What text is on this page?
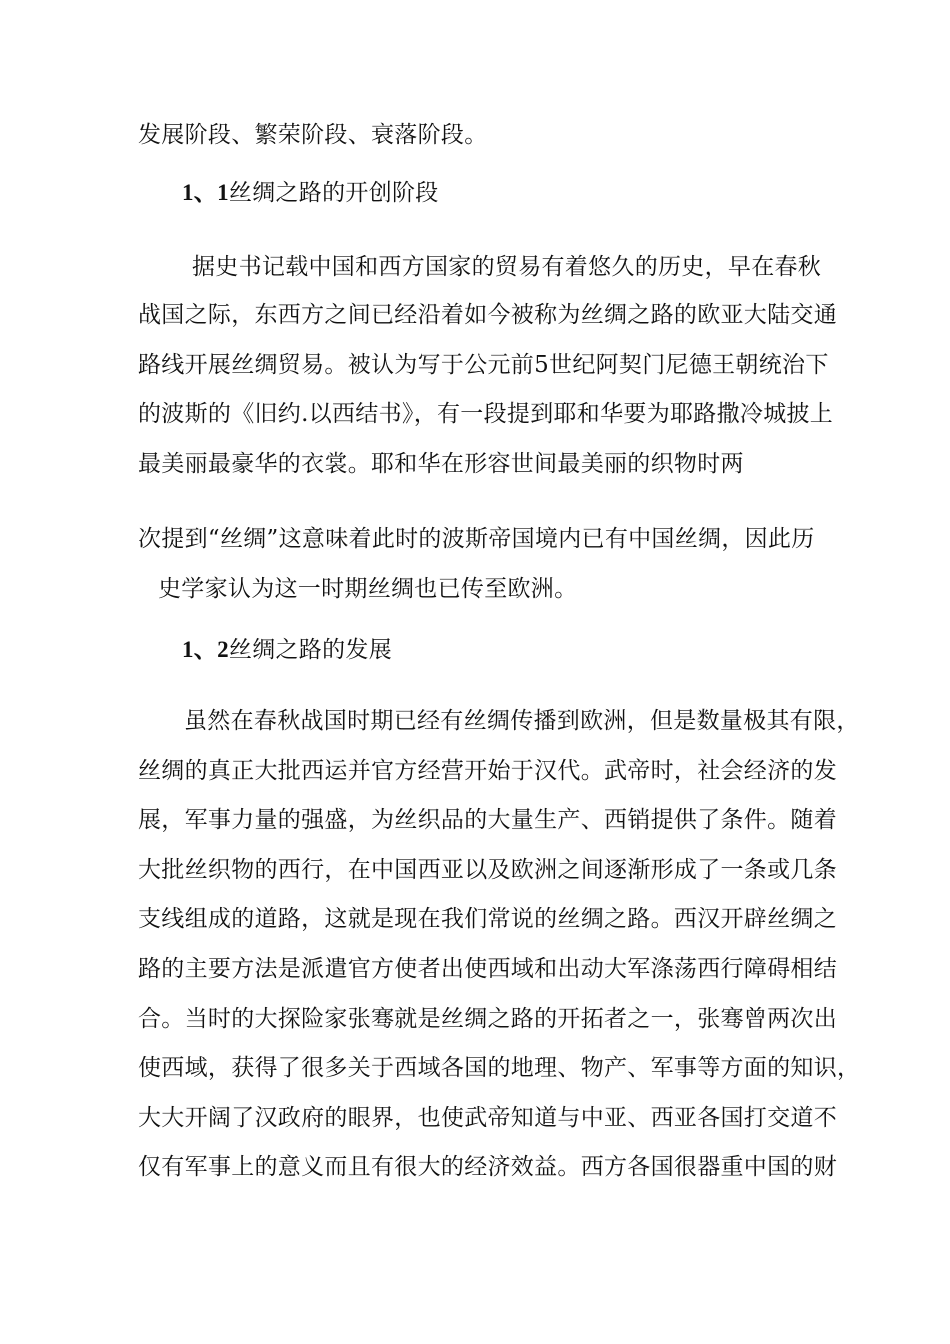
发展阶段、繁荣阶段、衰落阶段。
1、1丝绸之路的开创阶段
据史书记载中国和西方国家的贸易有着悠久的历史，早在春秋
战国之际，东西方之间已经沿着如今被称为丝绸之路的欧亚大陆交通
路线开展丝绸贸易。被认为写于公元前5世纪阿契门尼德王朝统治下
的波斯的《旧约.以西结书》，有一段提到耶和华要为耶路撒冷城披上
最美丽最豪华的衣裳。耶和华在形容世间最美丽的织物时两
次提到“丝绸”这意味着此时的波斯帝国境内已有中国丝绸，因此历
史学家认为这一时期丝绸也已传至欧洲。
1、2丝绸之路的发展
虽然在春秋战国时期已经有丝绸传播到欧洲，但是数量极其有限，
丝绸的真正大批西运并官方经营开始于汉代。武帝时，社会经济的发
展，军事力量的强盛，为丝织品的大量生产、西销提供了条件。随着
大批丝织物的西行，在中国西亚以及欧洲之间逐渐形成了一条或几条
支线组成的道路，这就是现在我们常说的丝绸之路。西汉开辟丝绸之
路的主要方法是派遣官方使者出使西域和出动大军涤荡西行障碍相结
合。当时的大探险家张骞就是丝绸之路的开拓者之一，张骞曾两次出
使西域，获得了很多关于西域各国的地理、物产、军事等方面的知识，
大大开阔了汉政府的眼界，也使武帝知道与中亚、西亚各国打交道不
仅有军事上的意义而且有很大的经济效益。西方各国很器重中国的财
